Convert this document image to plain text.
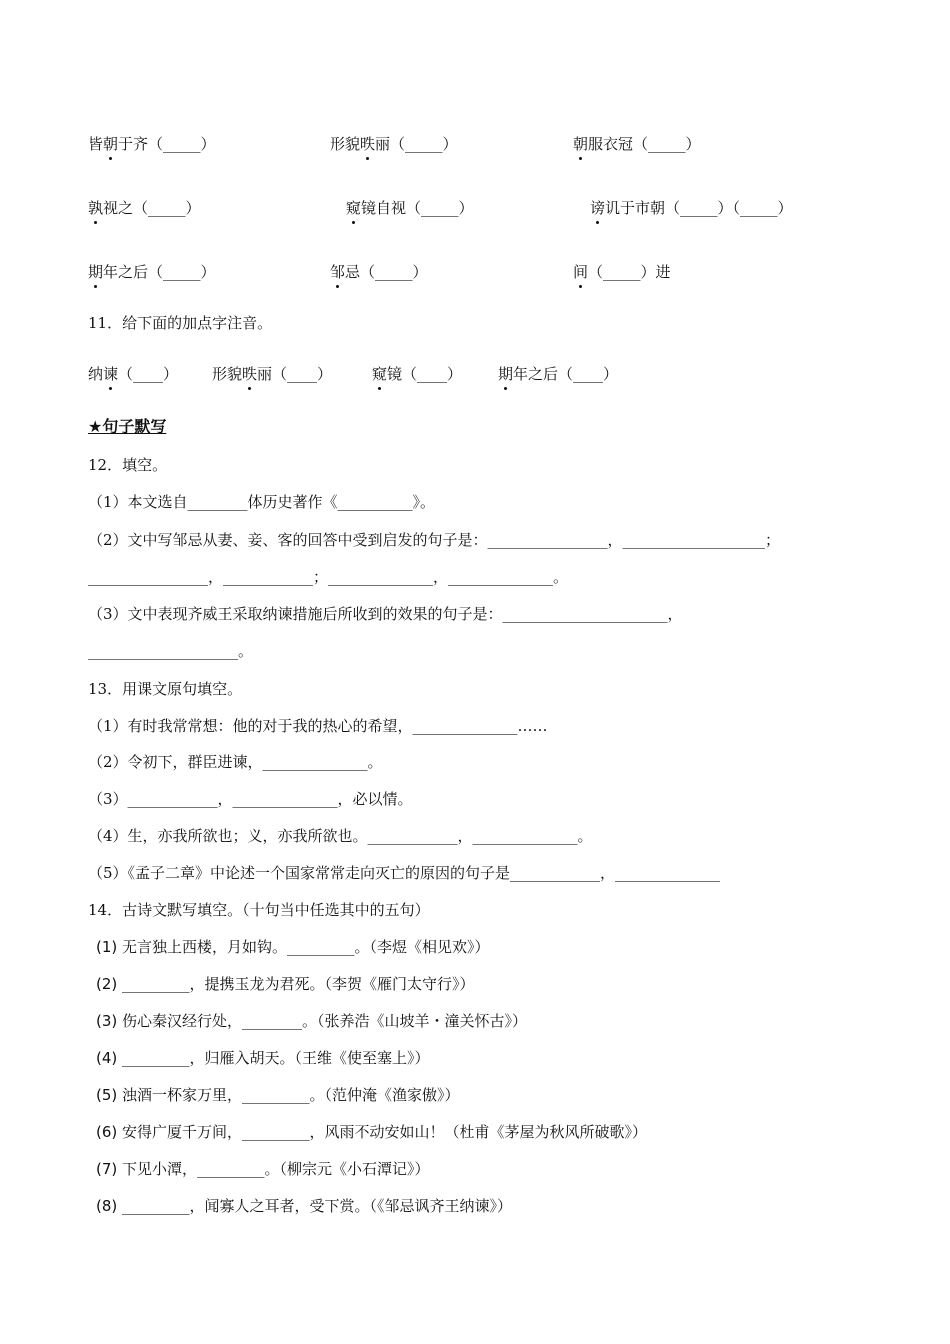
皆朝于齐（_____）	形貌昳丽（_____）	朝服衣冠（_____）
孰视之（_____）	窥镜自视（_____）	谤讥于市朝（_____）（_____）
期年之后（_____）	邹忌（_____）	间（_____）进
11．给下面的加点字注音。
纳谏（____） 形貌昳丽（____）	窥镜（____） 期年之后（____）
★句子默写
12．填空。
（1）本文选自________体历史著作《__________》。
（2）文中写邹忌从妻、妾、客的回答中受到启发的句子是：________________，___________________；
________________，____________；______________，______________。
（3）文中表现齐威王采取纳谏措施后所收到的效果的句子是：______________________，
____________________。
13．用课文原句填空。
（1）有时我常常想：他的对于我的热心的希望，______________……
（2）令初下，群臣进谏，______________。
（3）____________，______________，必以情。
（4）生，亦我所欲也；义，亦我所欲也。____________，______________。
（5）《孟子二章》中论述一个国家常常走向灭亡的原因的句子是____________，______________
14．古诗文默写填空。（十句当中任选其中的五句）
(1) 无言独上西楼，月如钩。_________。（李煜《相见欢》）
(2) _________，提携玉龙为君死。（李贺《雁门太守行》）
(3) 伤心秦汉经行处，________。（张养浩《山坡羊・潼关怀古》）
(4) _________，归雁入胡天。（王维《使至塞上》）
(5) 浊酒一杯家万里，_________。（范仲淹《渔家傲》）
(6) 安得广厦千万间，_________，风雨不动安如山！（杜甫《茅屋为秋风所破歌》）
(7) 下见小潭，_________。（柳宗元《小石潭记》）
(8) _________，闻寡人之耳者，受下赏。（《邹忌讽齐王纳谏》）
